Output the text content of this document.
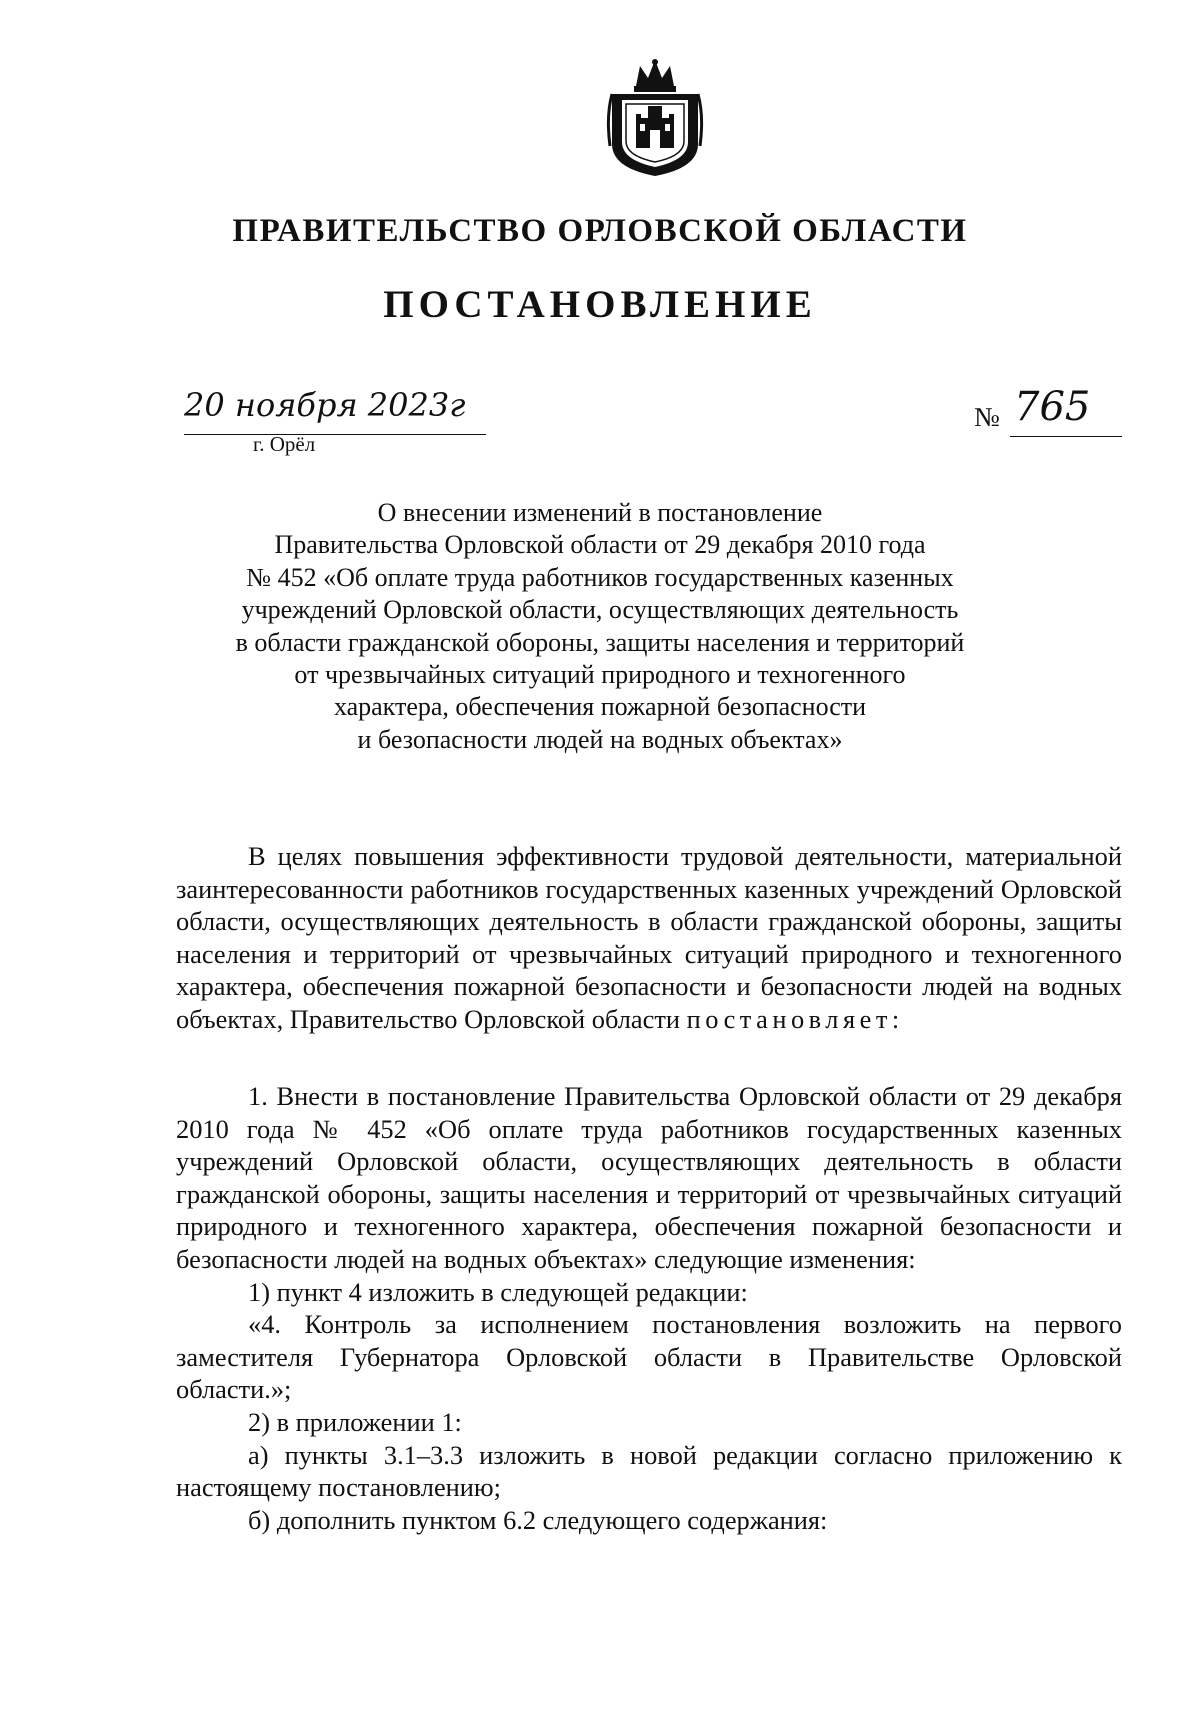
ПРАВИТЕЛЬСТВО ОРЛОВСКОЙ ОБЛАСТИ
ПОСТАНОВЛЕНИЕ
20 ноября 2023г
г. Орёл
№ 765
О внесении изменений в постановление
Правительства Орловской области от 29 декабря 2010 года
№ 452 «Об оплате труда работников государственных казенных
учреждений Орловской области, осуществляющих деятельность
в области гражданской обороны, защиты населения и территорий
от чрезвычайных ситуаций природного и техногенного
характера, обеспечения пожарной безопасности
и безопасности людей на водных объектах»

В целях повышения эффективности трудовой деятельности, материальной заинтересованности работников государственных казенных учреждений Орловской области, осуществляющих деятельность в области гражданской обороны, защиты населения и территорий от чрезвычайных ситуаций природного и техногенного характера, обеспечения пожарной безопасности и безопасности людей на водных объектах, Правительство Орловской области постановляет:

1. Внести в постановление Правительства Орловской области от 29 декабря 2010 года № 452 «Об оплате труда работников государственных казенных учреждений Орловской области, осуществляющих деятельность в области гражданской обороны, защиты населения и территорий от чрезвычайных ситуаций природного и техногенного характера, обеспечения пожарной безопасности и безопасности людей на водных объектах» следующие изменения:

1) пункт 4 изложить в следующей редакции:

«4. Контроль за исполнением постановления возложить на первого заместителя Губернатора Орловской области в Правительстве Орловской области.»;

2) в приложении 1:

а) пункты 3.1–3.3 изложить в новой редакции согласно приложению к настоящему постановлению;

б) дополнить пунктом 6.2 следующего содержания:
